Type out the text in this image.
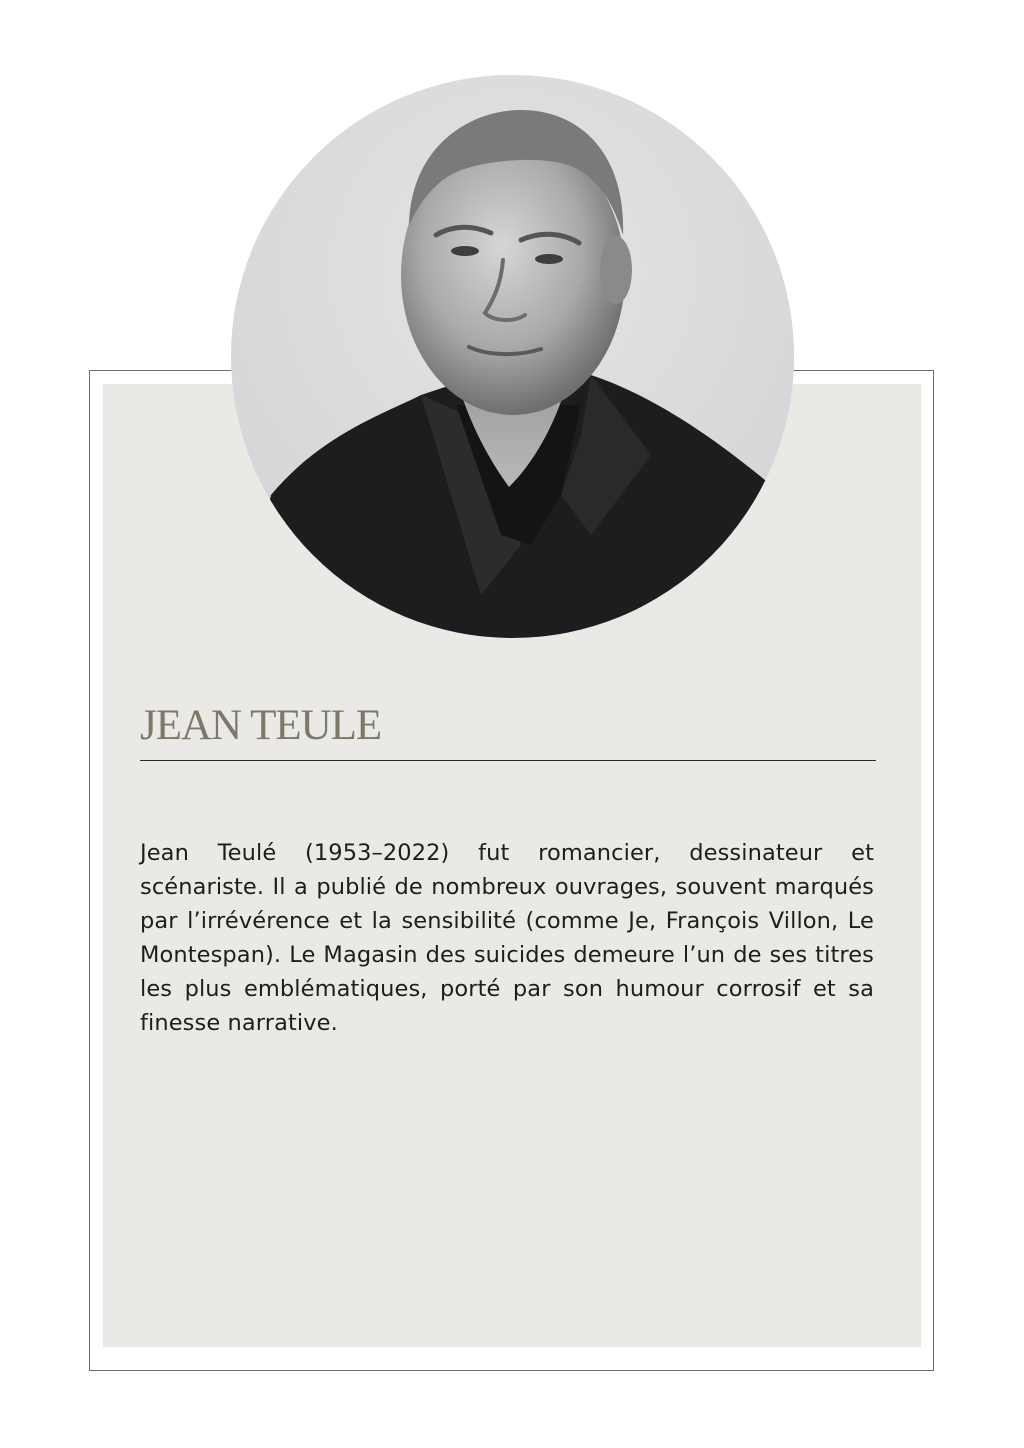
JEAN TEULE

Jean Teulé (1953–2022) fut romancier, dessinateur et scénariste. Il a publié de nombreux ouvrages, souvent marqués par l’irrévérence et la sensibilité (comme Je, François Villon, Le Montespan). Le Magasin des suicides demeure l’un de ses titres les plus emblématiques, porté par son humour corrosif et sa finesse narrative.
